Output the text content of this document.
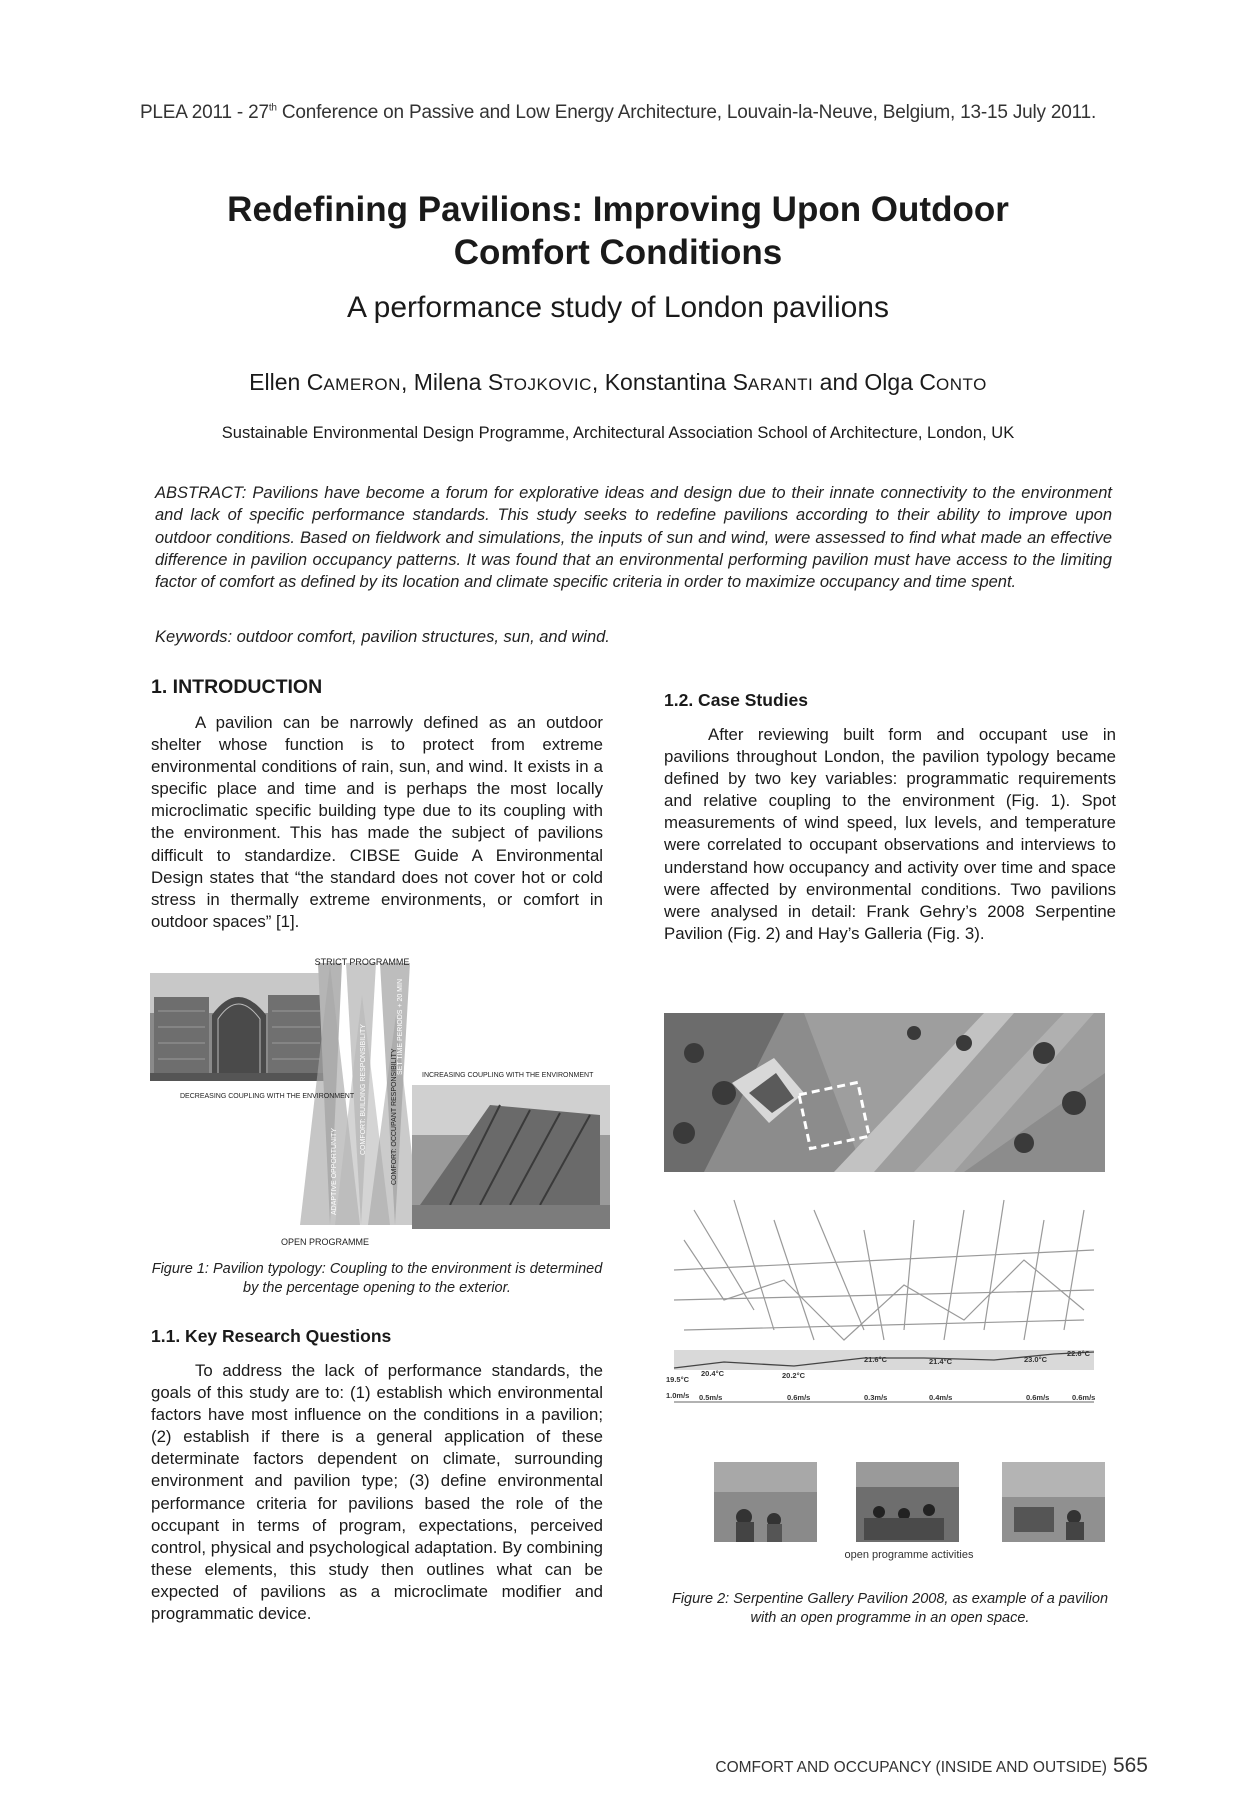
PLEA 2011 - 27th Conference on Passive and Low Energy Architecture, Louvain-la-Neuve, Belgium, 13-15 July 2011.
Redefining Pavilions: Improving Upon Outdoor
Comfort Conditions
A performance study of London pavilions
Ellen CAMERON, Milena STOJKOVIC, Konstantina SARANTI and Olga CONTO
Sustainable Environmental Design Programme, Architectural Association School of Architecture, London, UK
ABSTRACT: Pavilions have become a forum for explorative ideas and design due to their innate connectivity to the environment and lack of specific performance standards. This study seeks to redefine pavilions according to their ability to improve upon outdoor conditions. Based on fieldwork and simulations, the inputs of sun and wind, were assessed to find what made an effective difference in pavilion occupancy patterns. It was found that an environmental performing pavilion must have access to the limiting factor of comfort as defined by its location and climate specific criteria in order to maximize occupancy and time spent.
Keywords: outdoor comfort, pavilion structures, sun, and wind.
1. INTRODUCTION
A pavilion can be narrowly defined as an outdoor shelter whose function is to protect from extreme environmental conditions of rain, sun, and wind. It exists in a specific place and time and is perhaps the most locally microclimatic specific building type due to its coupling with the environment. This has made the subject of pavilions difficult to standardize. CIBSE Guide A Environmental Design states that “the standard does not cover hot or cold stress in thermally extreme environments, or comfort in outdoor spaces” [1].
STRICT PROGRAMME
OPEN PROGRAMME
DECREASING COUPLING WITH THE ENVIRONMENT
INCREASING COUPLING WITH THE ENVIRONMENT
ADAPTIVE OPPORTUNITY
COMFORT: BUILDING RESPONSIBILITY	COMFORT: OCCUPANT RESPONSIBILITY
SET TIME PERIODS + 20 MIN
Figure 1: Pavilion typology: Coupling to the environment is determined by the percentage opening to the exterior.
1.1. Key Research Questions
To address the lack of performance standards, the goals of this study are to: (1) establish which environmental factors have most influence on the conditions in a pavilion; (2) establish if there is a general application of these determinate factors dependent on climate, surrounding environment and pavilion type; (3) define environmental performance criteria for pavilions based the role of the occupant in terms of program, expectations, perceived control, physical and psychological adaptation. By combining these elements, this study then outlines what can be expected of pavilions as a microclimate modifier and programmatic device.
1.2. Case Studies
After reviewing built form and occupant use in pavilions throughout London, the pavilion typology became defined by two key variables: programmatic requirements and relative coupling to the environment (Fig. 1). Spot measurements of wind speed, lux levels, and temperature were correlated to occupant observations and interviews to understand how occupancy and activity over time and space were affected by environmental conditions. Two pavilions were analysed in detail: Frank Gehry’s 2008 Serpentine Pavilion (Fig. 2) and Hay’s Galleria (Fig. 3).
19.5°C
20.4°C	20.2°C
21.6°C	21.4°C	23.0°C
22.6°C
1.0m/s 0.5m/s	0.6m/s	0.3m/s	0.4m/s	0.6m/s	0.6m/s
open programme activities
Figure 2: Serpentine Gallery Pavilion 2008, as example of a pavilion with an open programme in an open space.
COMFORT AND OCCUPANCY (INSIDE AND OUTSIDE) 565
